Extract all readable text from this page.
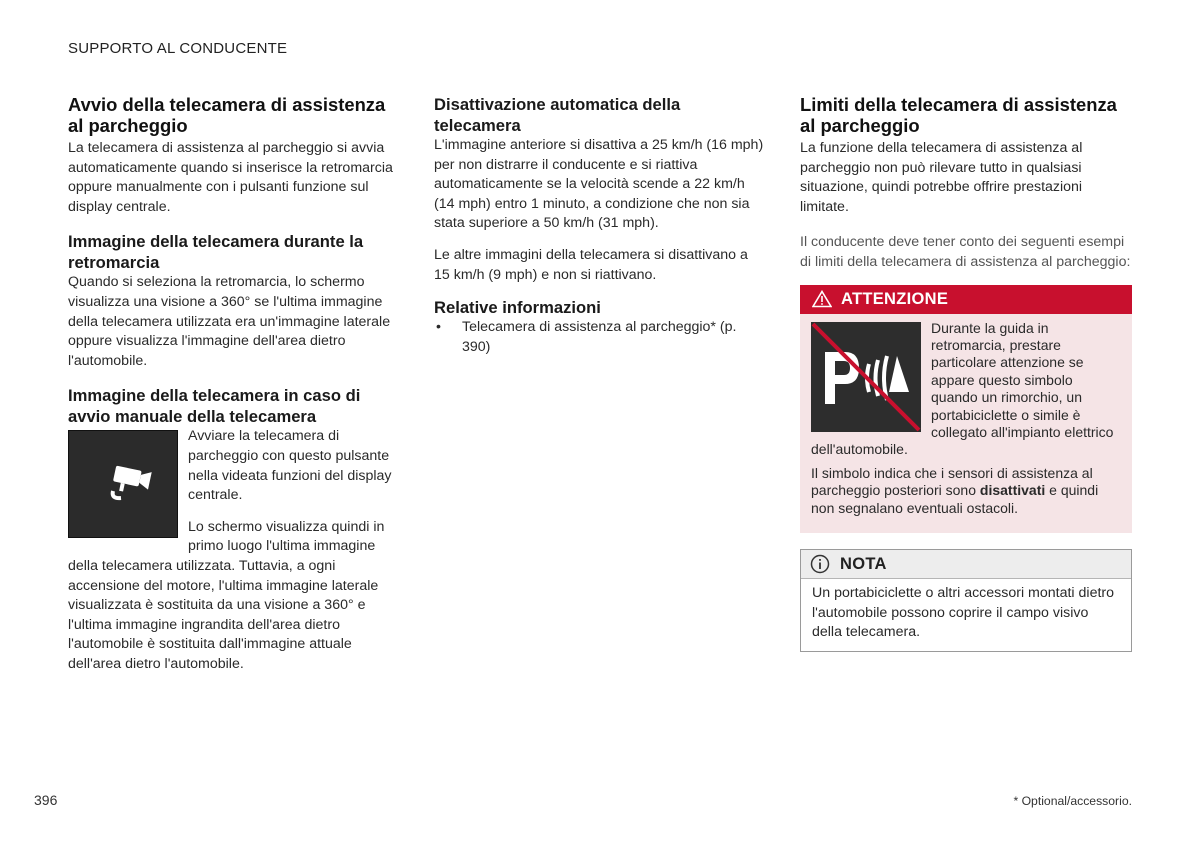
SUPPORTO AL CONDUCENTE
Avvio della telecamera di assistenza al parcheggio

La telecamera di assistenza al parcheggio si avvia automaticamente quando si inserisce la retromarcia oppure manualmente con i pulsanti funzione sul display centrale.

Immagine della telecamera durante la retromarcia

Quando si seleziona la retromarcia, lo schermo visualizza una visione a 360° se l'ultima immagine della telecamera utilizzata era un'immagine laterale oppure visualizza l'immagine dell'area dietro l'automobile.

Immagine della telecamera in caso di avvio manuale della telecamera

Avviare la telecamera di parcheggio con questo pulsante nella videata funzioni del display centrale.

Lo schermo visualizza quindi in primo luogo l'ultima immagine della telecamera utilizzata. Tuttavia, a ogni accensione del motore, l'ultima immagine laterale visualizzata è sostituita da una visione a 360° e l'ultima immagine ingrandita dell'area dietro l'automobile è sostituita dall'immagine attuale dell'area dietro l'automobile.

Disattivazione automatica della telecamera

L'immagine anteriore si disattiva a 25 km/h (16 mph) per non distrarre il conducente e si riattiva automaticamente se la velocità scende a 22 km/h (14 mph) entro 1 minuto, a condizione che non sia stata superiore a 50 km/h (31 mph).

Le altre immagini della telecamera si disattivano a 15 km/h (9 mph) e non si riattivano.

Relative informazioni
• Telecamera di assistenza al parcheggio* (p. 390)
Limiti della telecamera di assistenza al parcheggio

La funzione della telecamera di assistenza al parcheggio non può rilevare tutto in qualsiasi situazione, quindi potrebbe offrire prestazioni limitate.

Il conducente deve tener conto dei seguenti esempi di limiti della telecamera di assistenza al parcheggio:

ATTENZIONE

Durante la guida in retromarcia, prestare particolare attenzione se appare questo simbolo quando un rimorchio, un portabiciclette o simile è collegato all'impianto elettrico dell'automobile.

Il simbolo indica che i sensori di assistenza al parcheggio posteriori sono disattivati e quindi non segnalano eventuali ostacoli.

NOTA

Un portabiciclette o altri accessori montati dietro l'automobile possono coprire il campo visivo della telecamera.

396	* Optional/accessorio.
